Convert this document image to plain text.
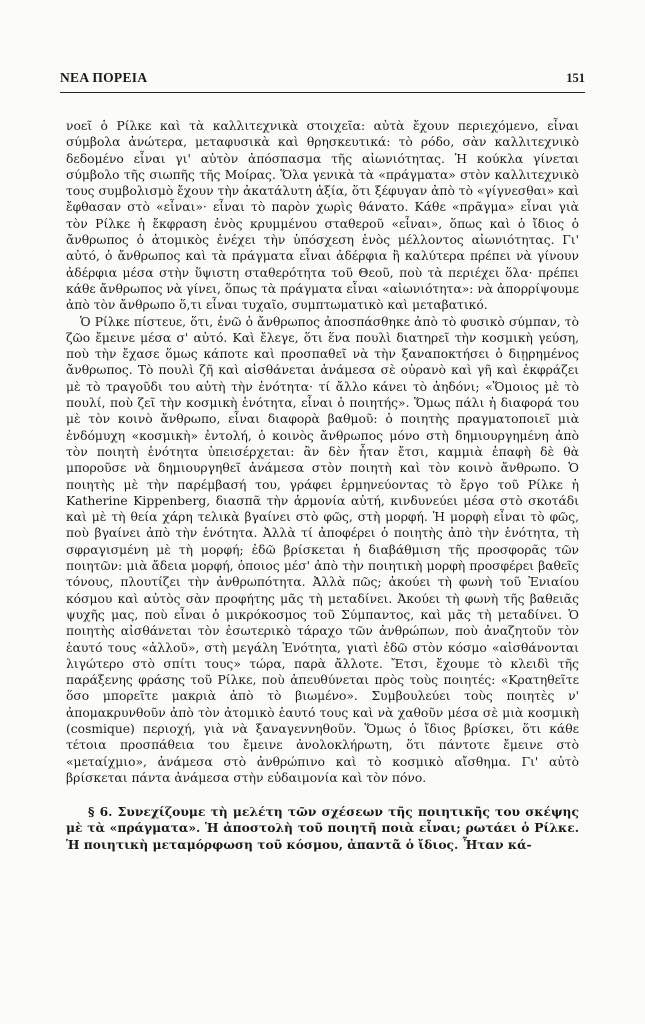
ΝΕΑ ΠΟΡΕΙΑ	151

νοεῖ ὁ Ρίλκε καὶ τὰ καλλιτεχνικὰ στοιχεῖα: αὐτὰ ἔχουν περιεχόμενο, εἶναι σύμβολα ἀνώτερα, μεταφυσικὰ καὶ θρησκευτικά: τὸ ρόδο, σὰν καλλιτεχνικὸ δεδομένο εἶναι γι' αὐτὸν ἀπόσπασμα τῆς αἰωνιότητας. Ἡ κούκλα γίνεται σύμβολο τῆς σιωπῆς τῆς Μοίρας. Ὅλα γενικὰ τὰ «πράγματα» στὸν καλλιτεχνικὸ τους συμβολισμὸ ἔχουν τὴν ἀκατάλυτη ἀξία, ὅτι ξέφυγαν ἀπὸ τὸ «γίγνεσθαι» καὶ ἔφθασαν στὸ «εἶναι»· εἶναι τὸ παρὸν χωρὶς θάνατο. Κάθε «πρᾶγμα» εἶναι γιὰ τὸν Ρίλκε ἡ ἔκφραση ἑνὸς κρυμμένου σταθεροῦ «εἶναι», ὅπως καὶ ὁ ἴδιος ὁ ἄνθρωπος ὁ ἀτομικὸς ἐνέχει τὴν ὑπόσχεση ἑνὸς μέλλοντος αἰωνιότητας. Γι' αὐτό, ὁ ἄνθρωπος καὶ τὰ πράγματα εἶναι ἀδέρφια ἢ καλύτερα πρέπει νὰ γίνουν ἀδέρφια μέσα στὴν ὕψιστη σταθερότητα τοῦ Θεοῦ, ποὺ τὰ περιέχει ὅλα· πρέπει κάθε ἄνθρωπος νὰ γίνει, ὅπως τὰ πράγματα εἶναι «αἰωνιότητα»: νὰ ἀπορρίψουμε ἀπὸ τὸν ἄνθρωπο ὅ,τι εἶναι τυχαῖο, συμπτωματικὸ καὶ μεταβατικό.

Ὁ Ρίλκε πίστευε, ὅτι, ἐνῶ ὁ ἄνθρωπος ἀποσπάσθηκε ἀπὸ τὸ φυσικὸ σύμπαν, τὸ ζῶο ἔμεινε μέσα σ' αὐτό. Καὶ ἔλεγε, ὅτι ἕνα πουλὶ διατηρεῖ τὴν κοσμικὴ γεύση, ποὺ τὴν ἔχασε ὅμως κάποτε καὶ προσπαθεῖ νὰ τὴν ξαναποκτήσει ὁ διῃρημένος ἄνθρωπος. Τὸ πουλὶ ζῆ καὶ αἰσθάνεται ἀνάμεσα σὲ οὐρανὸ καὶ γῆ καὶ ἐκφράζει μὲ τὸ τραγοῦδι του αὐτὴ τὴν ἑνότητα· τί ἄλλο κάνει τὸ ἀηδόνι; «Ὅμοιος μὲ τὸ πουλί, ποὺ ζεῖ τὴν κοσμικὴ ἑνότητα, εἶναι ὁ ποιητής». Ὅμως πάλι ἡ διαφορά του μὲ τὸν κοινὸ ἄνθρωπο, εἶναι διαφορὰ βαθμοῦ: ὁ ποιητὴς πραγματοποιεῖ μιὰ ἐνδόμυχη «κοσμικὴ» ἐντολή, ὁ κοινὸς ἄνθρωπος μόνο στὴ δημιουργημένη ἀπὸ τὸν ποιητὴ ἑνότητα ὑπεισέρχεται: ἂν δὲν ἦταν ἔτσι, καμμιὰ ἐπαφὴ δὲ θὰ μποροῦσε νὰ δημιουργηθεῖ ἀνάμεσα στὸν ποιητὴ καὶ τὸν κοινὸ ἄνθρωπο. Ὁ ποιητὴς μὲ τὴν παρέμβασή του, γράφει ἑρμηνεύοντας τὸ ἔργο τοῦ Ρίλκε ἡ Katherine Kippenberg, διασπᾶ τὴν ἁρμονία αὐτή, κινδυνεύει μέσα στὸ σκοτάδι καὶ μὲ τὴ θεία χάρη τελικὰ βγαίνει στὸ φῶς, στὴ μορφή. Ἡ μορφὴ εἶναι τὸ φῶς, ποὺ βγαίνει ἀπὸ τὴν ἑνότητα. Ἀλλὰ τί ἀποφέρει ὁ ποιητὴς ἀπὸ τὴν ἑνότητα, τὴ σφραγισμένη μὲ τὴ μορφή; ἐδῶ βρίσκεται ἡ διαβάθμιση τῆς προσφορᾶς τῶν ποιητῶν: μιὰ ἄδεια μορφή, ὁποιος μέσ' ἀπὸ τὴν ποιητικὴ μορφὴ προσφέρει βαθεῖς τόνους, πλουτίζει τὴν ἀνθρωπότητα. Ἀλλὰ πῶς; ἀκούει τὴ φωνὴ τοῦ Ἐνιαίου κόσμου καὶ αὐτὸς σὰν προφήτης μᾶς τὴ μεταδίνει. Ἀκούει τὴ φωνὴ τῆς βαθειᾶς ψυχῆς μας, ποὺ εἶναι ὁ μικρόκοσμος τοῦ Σύμπαντος, καὶ μᾶς τὴ μεταδίνει. Ὁ ποιητὴς αἰσθάνεται τὸν ἐσωτερικὸ τάραχο τῶν ἀνθρώπων, ποὺ ἀναζητοῦν τὸν ἑαυτό τους «ἀλλοῦ», στὴ μεγάλη Ἑνότητα, γιατὶ ἐδῶ στὸν κόσμο «αἰσθάνονται λιγώτερο στὸ σπίτι τους» τώρα, παρὰ ἄλλοτε. Ἔτσι, ἔχουμε τὸ κλειδὶ τῆς παράξενης φράσης τοῦ Ρίλκε, ποὺ ἀπευθύνεται πρὸς τοὺς ποιητές: «Κρατηθεῖτε ὅσο μπορεῖτε μακριὰ ἀπὸ τὸ βιωμένο». Συμβουλεύει τοὺς ποιητὲς ν' ἀπομακρυνθοῦν ἀπὸ τὸν ἀτομικὸ ἑαυτό τους καὶ νὰ χαθοῦν μέσα σὲ μιὰ κοσμικὴ (cosmique) περιοχή, γιὰ νὰ ξαναγεννηθοῦν. Ὅμως ὁ ἴδιος βρίσκει, ὅτι κάθε τέτοια προσπάθεια του ἔμεινε ἀνολοκλήρωτη, ὅτι πάντοτε ἔμεινε στὸ «μεταίχμιο», ἀνάμεσα στὸ ἀνθρώπινο καὶ τὸ κοσμικὸ αἴσθημα. Γι' αὐτὸ βρίσκεται πάντα ἀνάμεσα στὴν εὐδαιμονία καὶ τὸν πόνο.

§ 6. Συνεχίζουμε τὴ μελέτη τῶν σχέσεων τῆς ποιητικῆς του σκέψης μὲ τὰ «πράγματα». Ἡ ἀποστολὴ τοῦ ποιητῆ ποιὰ εἶναι; ρωτάει ὁ Ρίλκε. Ἡ ποιητικὴ μεταμόρφωση τοῦ κόσμου, ἀπαντᾶ ὁ ἴδιος. Ἦταν κά-
